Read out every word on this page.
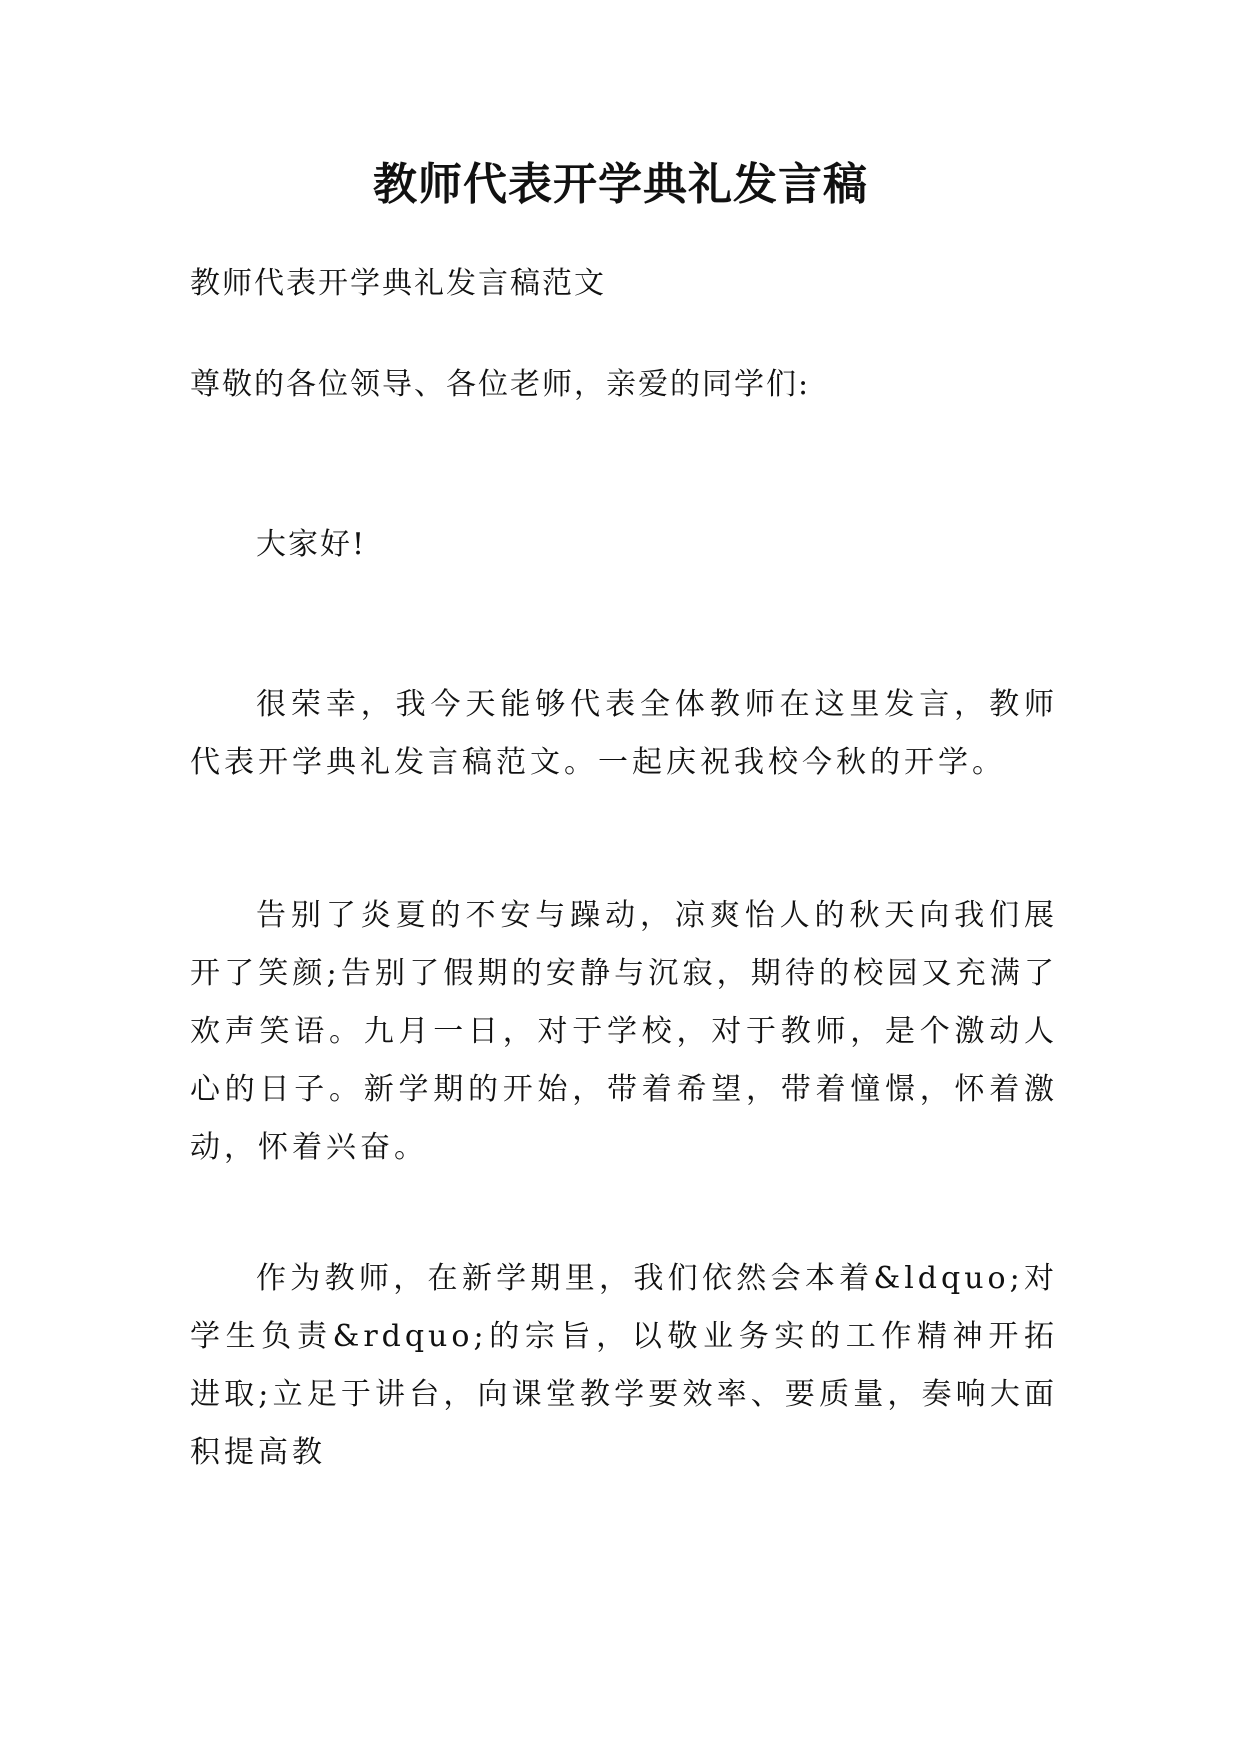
教师代表开学典礼发言稿
教师代表开学典礼发言稿范文
尊敬的各位领导、各位老师，亲爱的同学们:
大家好!
很荣幸，我今天能够代表全体教师在这里发言，教师代表开学典礼发言稿范文。一起庆祝我校今秋的开学。
告别了炎夏的不安与躁动，凉爽怡人的秋天向我们展开了笑颜;告别了假期的安静与沉寂，期待的校园又充满了欢声笑语。九月一日，对于学校，对于教师，是个激动人心的日子。新学期的开始，带着希望，带着憧憬，怀着激动，怀着兴奋。
作为教师，在新学期里，我们依然会本着&ldquo;对学生负责&rdquo;的宗旨，以敬业务实的工作精神开拓进取;立足于讲台，向课堂教学要效率、要质量，奏响大面积提高教
